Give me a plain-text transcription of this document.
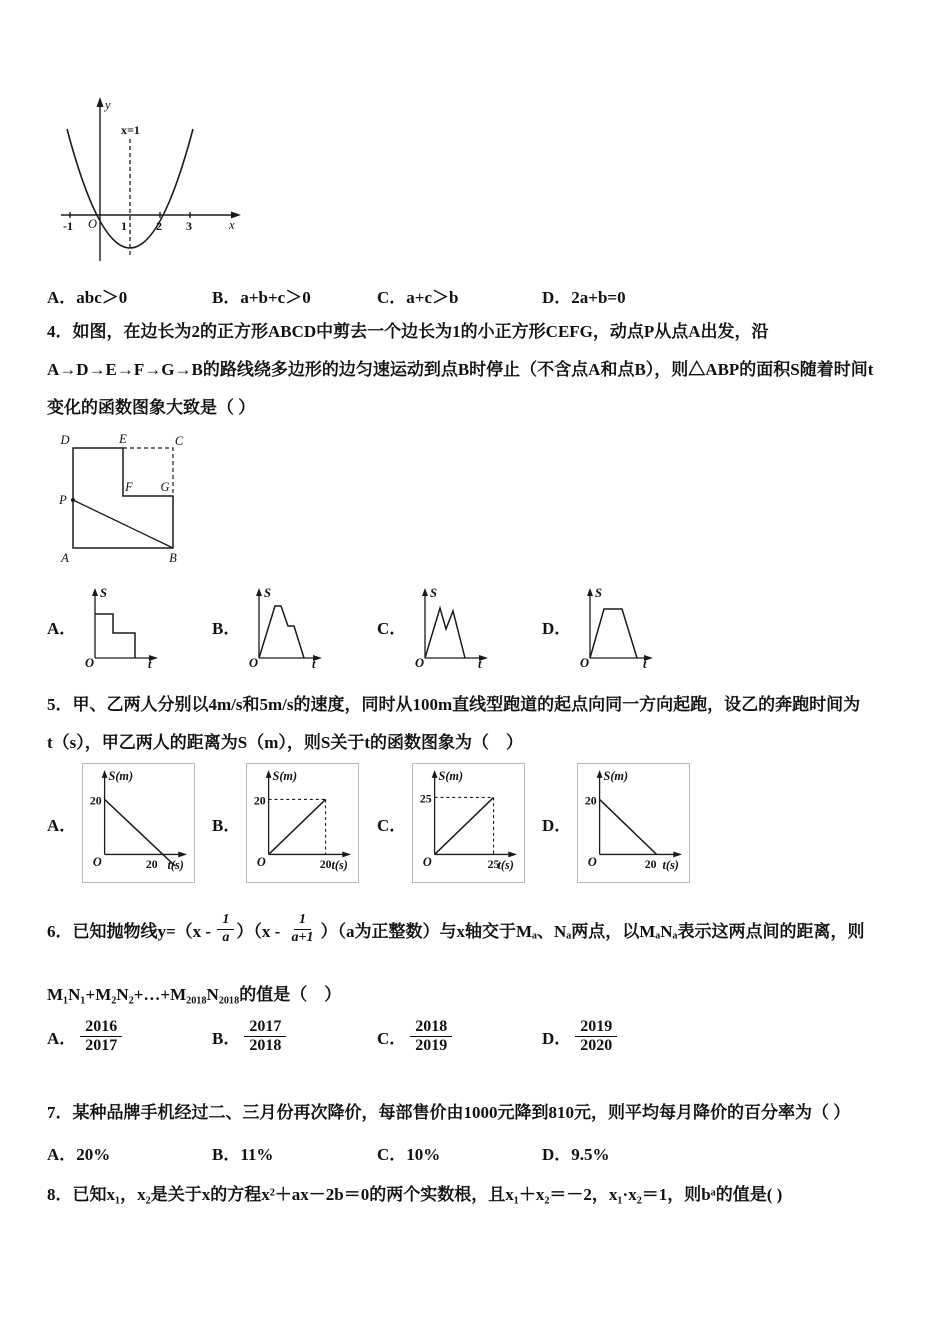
y
x
O
x=1
-1	1 2 3
A．abc＞0	B．a+b+c＞0	C．a+c＞b	D．2a+b=0
4．如图，在边长为2的正方形ABCD中剪去一个边长为1的小正方形CEFG，动点P从点A出发，沿
A→D→E→F→G→B的路线绕多边形的边匀速运动到点B时停止（不含点A和点B），则△ABP的面积S随着时间t
变化的函数图象大致是（ ）
D	E	C
P
F G
A	B
A．
S
O	t
B．
S
O	t
C．
S
O	t
D．
S
O	t
5．甲、乙两人分别以4m/s和5m/s的速度，同时从100m直线型跑道的起点向同一方向起跑，设乙的奔跑时间为
t（s），甲乙两人的距离为S（m），则S关于t的函数图象为（　）
A．
S(m)
t(s)
O
20
20
B．
S(m)
t(s)
O
20
20
C．
S(m)
t(s)
O
25
25
D．
S(m)
t(s)
O
20
20
6．已知抛物线$y=(x - \frac{1}{a} )(x - \frac{1}{a+1} )(a$为正整数）与x轴交于Mₐ、Nₐ两点，以MₐNₐ表示这两点间的距离，则
M₁N₁+M₂N₂+…+M₂₀₁₈N₂₀₁₈的值是（　）
A． $\frac{2016}{2017}$	B． $\frac{2017}{2018}$	C． $\frac{2018}{2019}$	D． $\frac{2019}{2020}$
7．某种品牌手机经过二、三月份再次降价，每部售价由1000元降到810元，则平均每月降价的百分率为（ ）
A．20%	B．11%	C．10%	D．9.5%
8．已知x₁，x₂是关于x的方程x²＋ax－2b＝0的两个实数根，且x₁＋x₂＝－2，x₁·x₂＝1，则bᵃ的值是( )
